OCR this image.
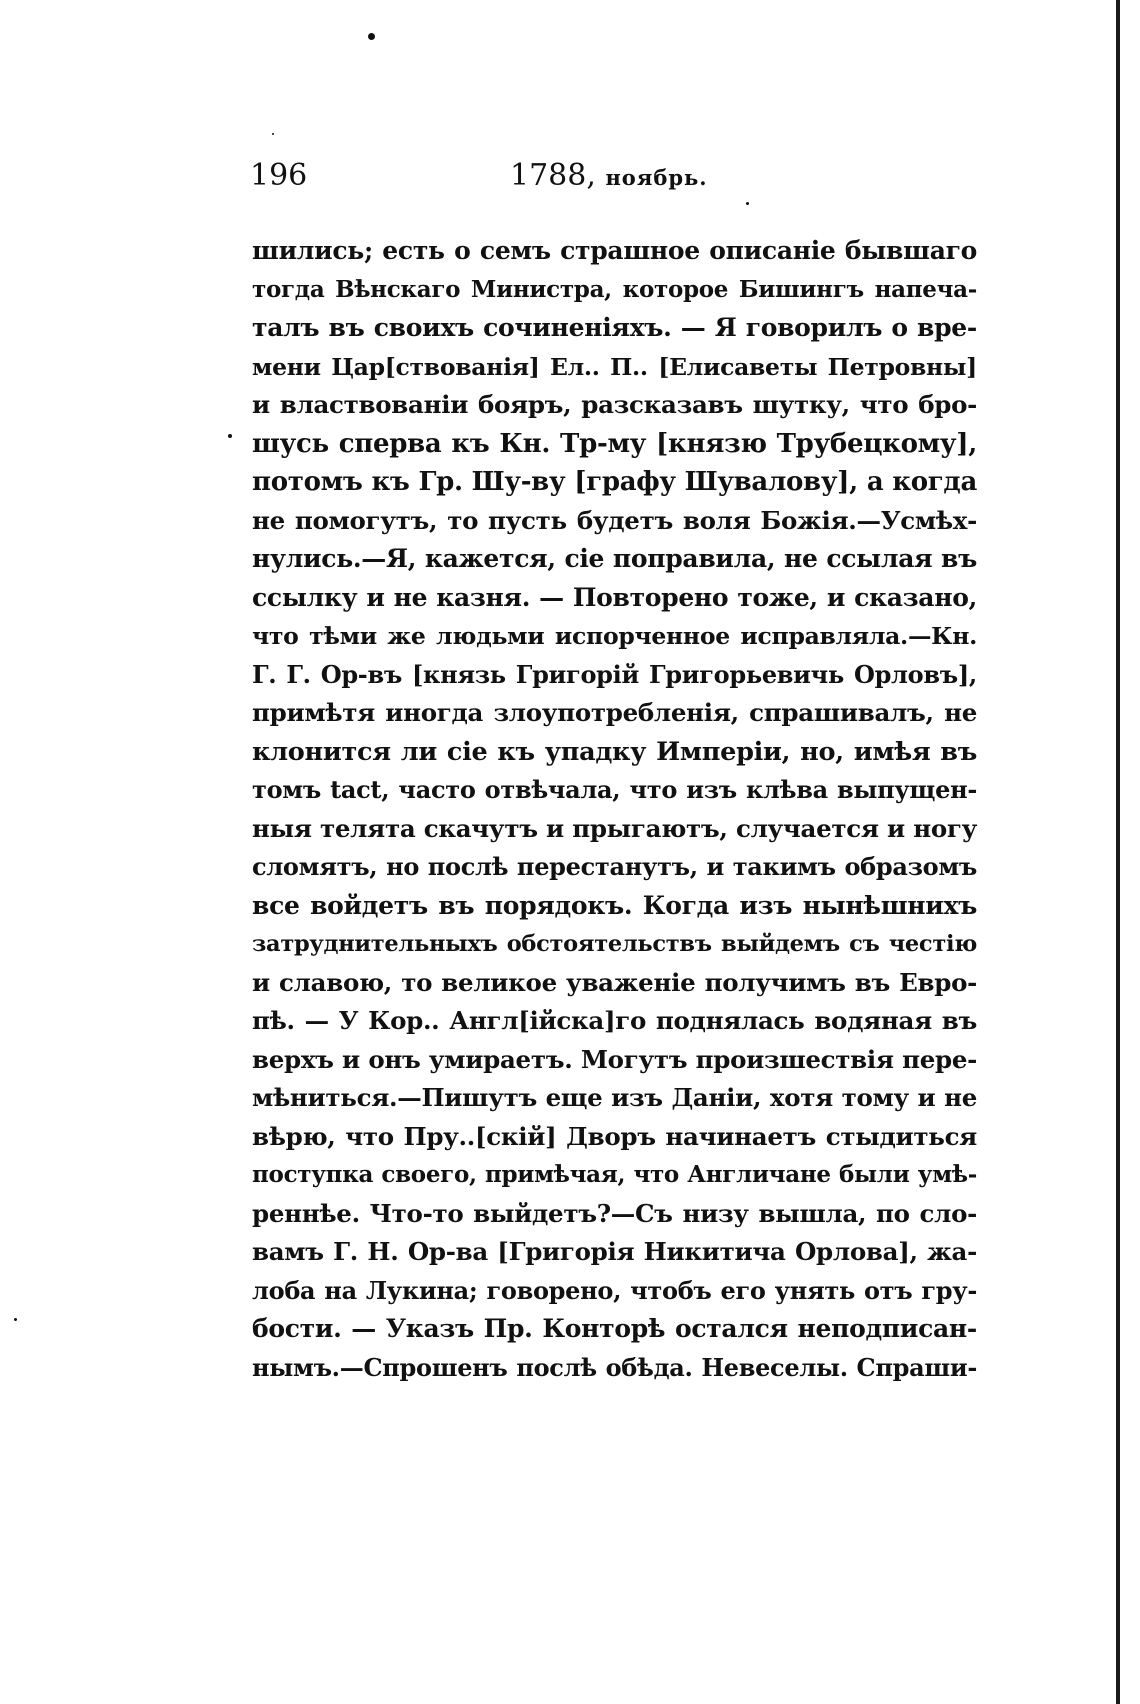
196	1788, ноябрь.
шились; есть о семъ страшное описаніе бывшаго
тогда Вѣнскаго Министра, которое Бишингъ напеча-
талъ въ своихъ сочиненіяхъ. — Я говорилъ о вре-
мени Цар[ствованія] Ел.. П.. [Елисаветы Петровны]
и властвованіи бояръ, разсказавъ шутку, что бро-
шусь сперва къ Кн. Тр-му [князю Трубецкому],
потомъ къ Гр. Шу-ву [графу Шувалову], а когда
не помогутъ, то пусть будетъ воля Божія.—Усмѣх-
нулись.—Я, кажется, сіе поправила, не ссылая въ
ссылку и не казня. — Повторено тоже, и сказано,
что тѣми же людьми испорченное исправляла.—Кн.
Г. Г. Ор-въ [князь Григорій Григорьевичь Орловъ],
примѣтя иногда злоупотребленія, спрашивалъ, не
клонится ли сіе къ упадку Имперіи, но, имѣя въ
томъ tact, часто отвѣчала, что изъ клѣва выпущен-
ныя телята скачутъ и прыгаютъ, случается и ногу
сломятъ, но послѣ перестанутъ, и такимъ образомъ
все войдетъ въ порядокъ. Когда изъ нынѣшнихъ
затруднительныхъ обстоятельствъ выйдемъ съ честію
и славою, то великое уваженіе получимъ въ Евро-
пѣ. — У Кор.. Англ[ійска]го поднялась водяная въ
верхъ и онъ умираетъ. Могутъ произшествія пере-
мѣниться.—Пишутъ еще изъ Даніи, хотя тому и не
вѣрю, что Пру..[скій] Дворъ начинаетъ стыдиться
поступка своего, примѣчая, что Англичане были умѣ-
реннѣе. Что-то выйдетъ?—Съ низу вышла, по сло-
вамъ Г. Н. Ор-ва [Григорія Никитича Орлова], жа-
лоба на Лукина; говорено, чтобъ его унять отъ гру-
бости. — Указъ Пр. Конторѣ остался неподписан-
нымъ.—Спрошенъ послѣ обѣда. Невеселы. Спраши-
